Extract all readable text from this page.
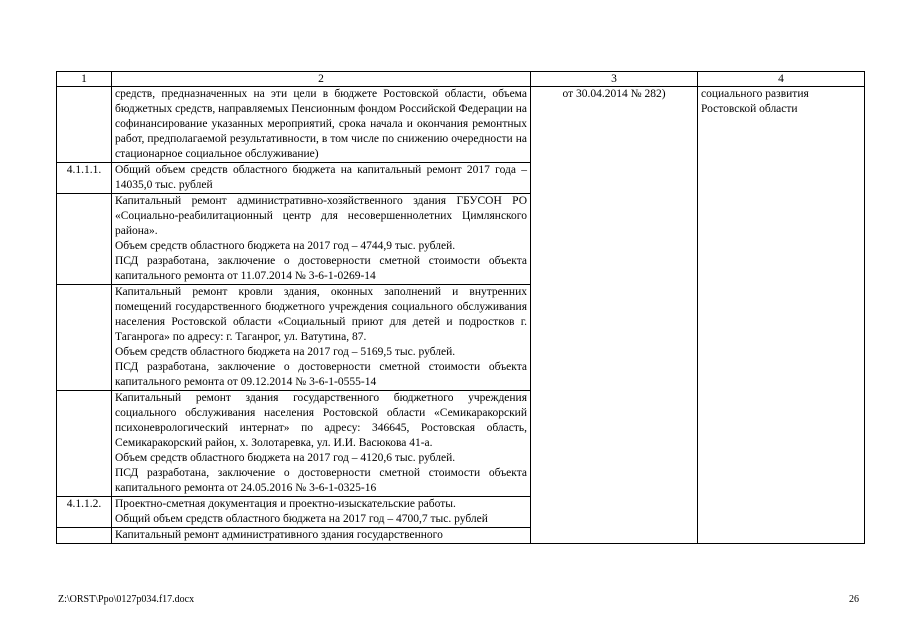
1	2	3	4
	средств, предназначенных на эти цели в бюджете Ростовской области, объема бюджетных средств, направляемых Пенсионным фондом Российской Федерации на софинансирование указанных мероприятий, срока начала и окончания ремонтных работ, предполагаемой результативности, в том числе по снижению очередности на стационарное социальное обслуживание)	от 30.04.2014 № 282)	социального развития
Ростовской области
4.1.1.1.	Общий объем средств областного бюджета на капитальный ремонт 2017 года – 14035,0 тыс. рублей		
	Капитальный ремонт административно-хозяйственного здания ГБУСОН РО «Социально-реабилитационный центр для несовершеннолетних Цимлянского района».
Объем средств областного бюджета на 2017 год – 4744,9 тыс. рублей.
ПСД разработана, заключение о достоверности сметной стоимости объекта капитального ремонта от 11.07.2014 № 3-6-1-0269-14		
	Капитальный ремонт кровли здания, оконных заполнений и внутренних помещений государственного бюджетного учреждения социального обслуживания населения Ростовской области «Социальный приют для детей и подростков г. Таганрога» по адресу: г. Таганрог, ул. Ватутина, 87.
Объем средств областного бюджета на 2017 год – 5169,5 тыс. рублей.
ПСД разработана, заключение о достоверности сметной стоимости объекта капитального ремонта от 09.12.2014 № 3-6-1-0555-14		
	Капитальный ремонт здания государственного бюджетного учреждения социального обслуживания населения Ростовской области «Семикаракорский психоневрологический интернат» по адресу: 346645, Ростовская область, Семикаракорский район, х. Золотаревка, ул. И.И. Васюкова 41-а.
Объем средств областного бюджета на 2017 год – 4120,6 тыс. рублей.
ПСД разработана, заключение о достоверности сметной стоимости объекта капитального ремонта от 24.05.2016 № 3-6-1-0325-16		
4.1.1.2.	Проектно-сметная документация и проектно-изыскательские работы.
Общий объем средств областного бюджета на 2017 год – 4700,7 тыс. рублей		
	Капитальный ремонт административного здания государственного		
Z:\ORST\Ppo\0127p034.f17.docx	26
